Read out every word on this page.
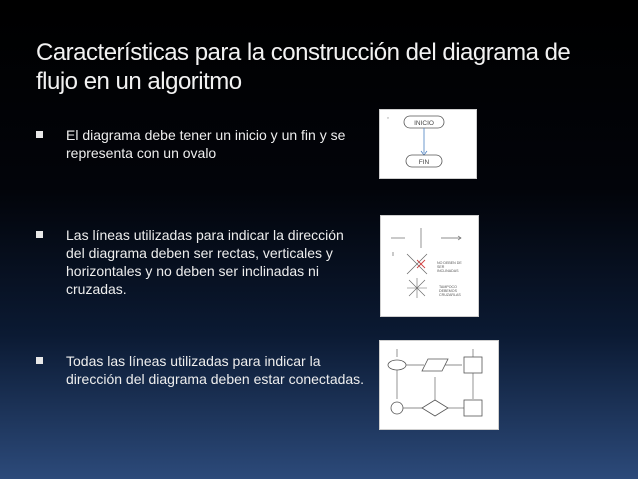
Características para la construcción del diagrama de flujo en un algoritmo
El diagrama debe tener un inicio y un fin y se representa con un ovalo
Las líneas utilizadas para indicar la dirección del diagrama deben ser rectas, verticales y horizontales y no deben ser inclinadas ni cruzadas.
Todas las líneas utilizadas para indicar la dirección del diagrama deben estar conectadas.
INICIO
FIN
*
NO DEBEN DE
SER
INCLINADAS
TAMPOCO
DEBEMOS
CRUZARLAS
